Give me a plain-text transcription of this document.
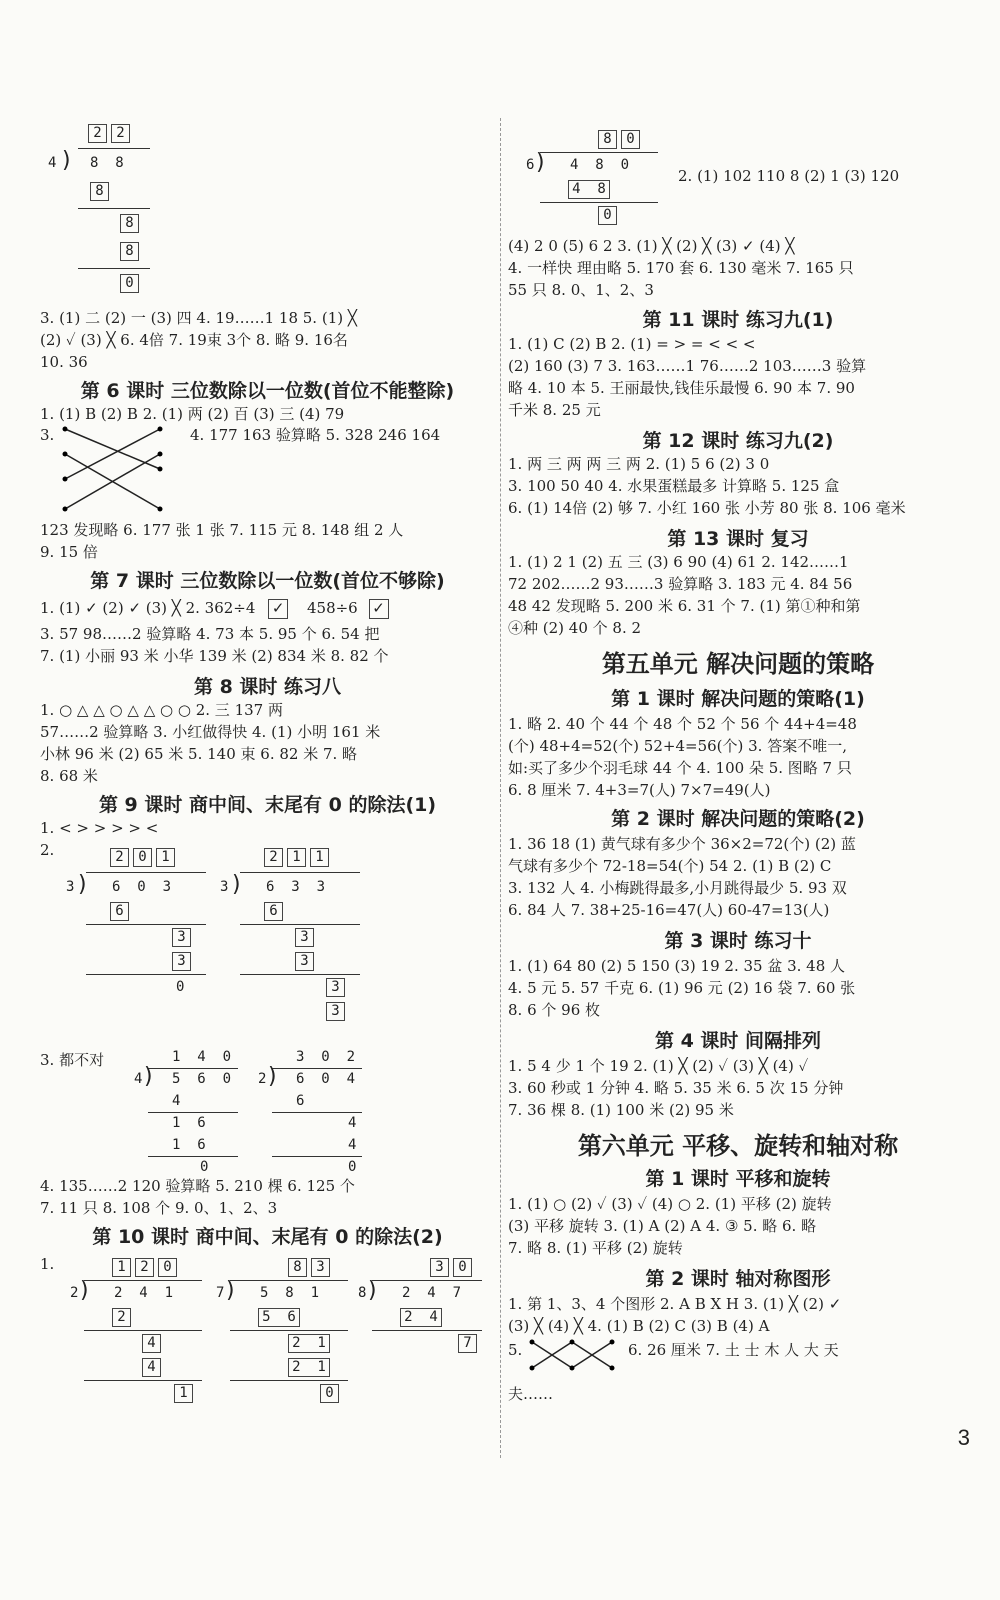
2 2
4 ) 8  8
8
8
8
0
3. (1) 二 (2) 一 (3) 四 4. 19……1 18 5. (1) ╳
(2) ✓ (3) ╳ 6. 4倍 7. 19束 3个 8. 略 9. 16名
10. 36
第 6 课时 三位数除以一位数(首位不能整除)
1. (1) B (2) B 2. (1) 两 (2) 百 (3) 三 (4) 79
3.	4. 177 163 验算略 5. 328 246 164
123 发现略 6. 177 张 1 张 7. 115 元 8. 148 组 2 人
9. 15 倍
第 7 课时 三位数除以一位数(首位不够除)
1. (1) ✓ (2) ✓ (3) ╳ 2. 362÷4 ✓ 458÷6 ✓
3. 57 98……2 验算略 4. 73 本 5. 95 个 6. 54 把
7. (1) 小丽 93 米 小华 139 米 (2) 834 米 8. 82 个
第 8 课时 练习八
1. ○ △ △ ○ △ △ ○ ○ 2. 三 137 两
57……2 验算略 3. 小红做得快 4. (1) 小明 161 米
小林 96 米 (2) 65 米 5. 140 束 6. 82 米 7. 略
8. 68 米
第 9 课时 商中间、末尾有 0 的除法(1)
1. < > > > > <
2.	2 0 1
3 ) 6  0  3
6
3
3
0
2 1 1
3 ) 6  3  3
6
3
3
3
3
3. 都不对	1  4  0
4 ) 5  6  0
4
1  6
1  6
0
3  0  2
2 ) 6  0  4
6
4
4
0
4. 135……2 120 验算略 5. 210 棵 6. 125 个
7. 11 只 8. 108 个 9. 0、1、2、3
第 10 课时 商中间、末尾有 0 的除法(2)
1.	1 2 0
2 ) 2  4  1
2
4
4
1
8 3
7 ) 5  8  1
5  6
2  1
2  1
0
3 0
8 ) 2  4  7
2  4
7
8 0
6 ) 4  8  0
4  8
0
2. (1) 102 110 8 (2) 1 (3) 120
(4) 2 0 (5) 6 2 3. (1) ╳ (2) ╳ (3) ✓ (4) ╳
4. 一样快 理由略 5. 170 套 6. 130 毫米 7. 165 只
55 只 8. 0、1、2、3
第 11 课时 练习九(1)
1. (1) C (2) B 2. (1) = > = < < <
(2) 160 (3) 7 3. 163……1 76……2 103……3 验算
略 4. 10 本 5. 王丽最快,钱佳乐最慢 6. 90 本 7. 90
千米 8. 25 元
第 12 课时 练习九(2)
1. 两 三 两 两 三 两 2. (1) 5 6 (2) 3 0
3. 100 50 40 4. 水果蛋糕最多 计算略 5. 125 盒
6. (1) 14倍 (2) 够 7. 小红 160 张 小芳 80 张 8. 106 毫米
第 13 课时 复习
1. (1) 2 1 (2) 五 三 (3) 6 90 (4) 61 2. 142……1
72 202……2 93……3 验算略 3. 183 元 4. 84 56
48 42 发现略 5. 200 米 6. 31 个 7. (1) 第①种和第
④种 (2) 40 个 8. 2
第五单元 解决问题的策略
第 1 课时 解决问题的策略(1)
1. 略 2. 40 个 44 个 48 个 52 个 56 个 44+4=48
(个) 48+4=52(个) 52+4=56(个) 3. 答案不唯一,
如:买了多少个羽毛球 44 个 4. 100 朵 5. 图略 7 只
6. 8 厘米 7. 4+3=7(人) 7×7=49(人)
第 2 课时 解决问题的策略(2)
1. 36 18 (1) 黄气球有多少个 36×2=72(个) (2) 蓝
气球有多少个 72-18=54(个) 54 2. (1) B (2) C
3. 132 人 4. 小梅跳得最多,小月跳得最少 5. 93 双
6. 84 人 7. 38+25-16=47(人) 60-47=13(人)
第 3 课时 练习十
1. (1) 64 80 (2) 5 150 (3) 19 2. 35 盆 3. 48 人
4. 5 元 5. 57 千克 6. (1) 96 元 (2) 16 袋 7. 60 张
8. 6 个 96 枚
第 4 课时 间隔排列
1. 5 4 少 1 个 19 2. (1) ╳ (2) ✓ (3) ╳ (4) ✓
3. 60 秒或 1 分钟 4. 略 5. 35 米 6. 5 次 15 分钟
7. 36 棵 8. (1) 100 米 (2) 95 米
第六单元 平移、旋转和轴对称
第 1 课时 平移和旋转
1. (1) ○ (2) ✓ (3) ✓ (4) ○ 2. (1) 平移 (2) 旋转
(3) 平移 旋转 3. (1) A (2) A 4. ③ 5. 略 6. 略
7. 略 8. (1) 平移 (2) 旋转
第 2 课时 轴对称图形
1. 第 1、3、4 个图形 2. A B X H 3. (1) ╳ (2) ✓
(3) ╳ (4) ╳ 4. (1) B (2) C (3) B (4) A
5.	6. 26 厘米 7. 土 士 木 人 大 天
夫……
3
